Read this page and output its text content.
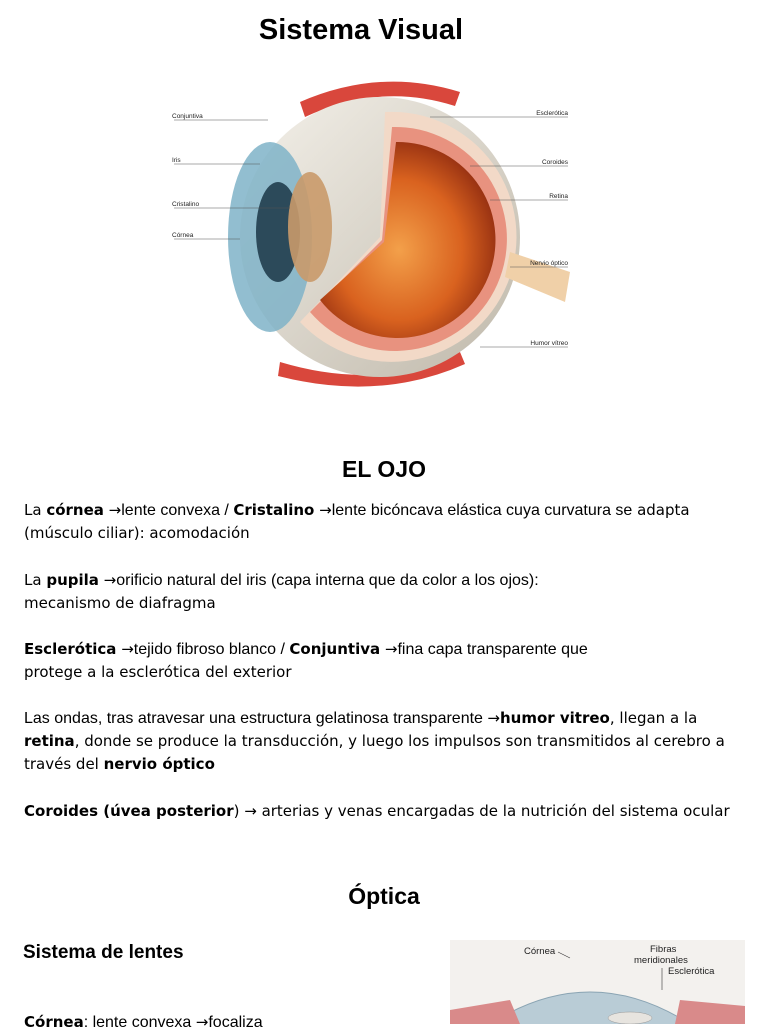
Sistema Visual
Conjuntiva
Iris
Cristalino
Córnea
Esclerótica
Coroides
Retina
Nervio óptico
Humor vítreo
EL OJO

La córnea →lente convexa / Cristalino →lente bicóncava elástica cuya curvatura se adapta
(músculo ciliar): acomodación

La pupila →orificio natural del iris (capa interna que da color a los ojos):
mecanismo de diafragma

Esclerótica →tejido fibroso blanco / Conjuntiva →fina capa transparente que
protege a la esclerótica del exterior

Las ondas, tras atravesar una estructura gelatinosa transparente →humor vitreo, llegan a la
retina, donde se produce la transducción, y luego los impulsos son transmitidos al cerebro a
través del nervio óptico

Coroides (úvea posterior) → arterias y venas encargadas de la nutrición del sistema ocular

Óptica
Sistema de lentes

Córnea: lente convexa →focaliza

Córnea	Fibras
meridionales
Esclerótica
